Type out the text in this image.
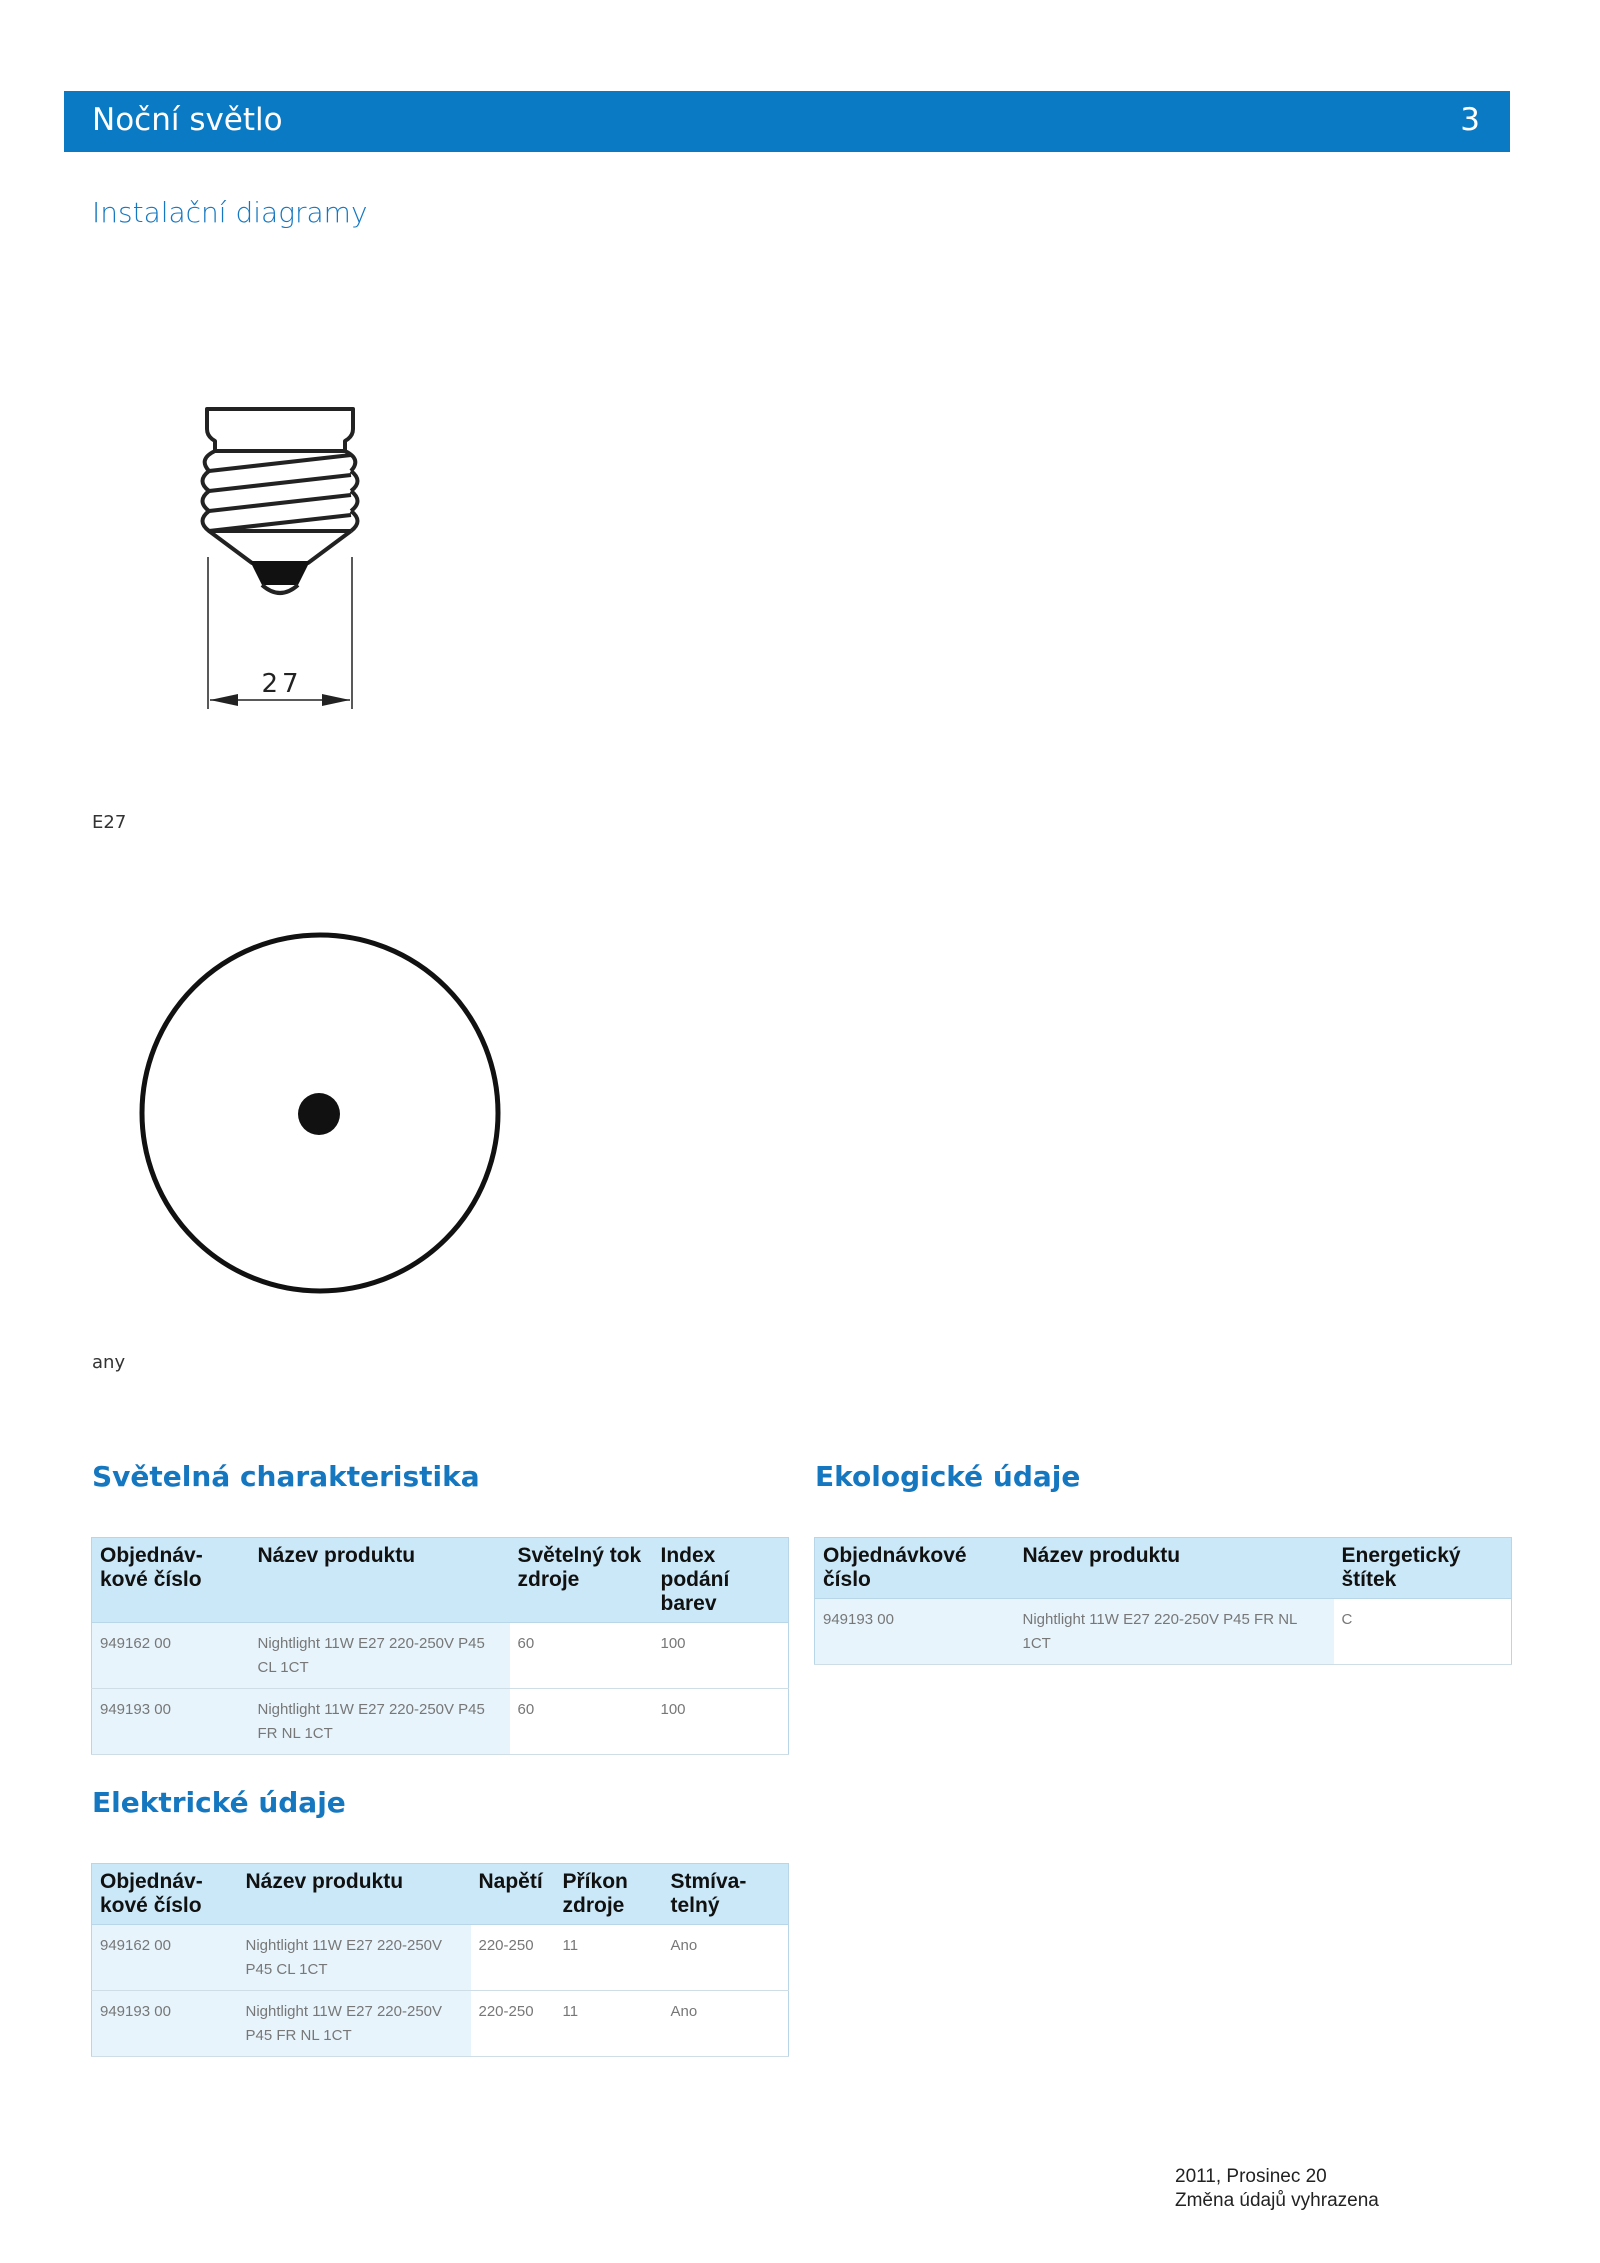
Noční světlo	3
Instalační diagramy
27
E27
any
Světelná charakteristika
Objednáv-
kové číslo	Název produktu	Světelný tok zdroje	Index podání barev
949162 00	Nightlight 11W E27 220-250V P45 CL 1CT	60	100
949193 00	Nightlight 11W E27 220-250V P45 FR NL 1CT	60	100
Ekologické údaje
Objednávkové číslo	Název produktu	Energetický štítek
949193 00	Nightlight 11W E27 220-250V P45 FR NL 1CT	C
Elektrické údaje
Objednáv-
kové číslo	Název produktu	Napětí	Příkon zdroje	Stmíva-
telný
949162 00	Nightlight 11W E27 220-250V P45 CL 1CT	220-250	11	Ano
949193 00	Nightlight 11W E27 220-250V P45 FR NL 1CT	220-250	11	Ano
2011, Prosinec 20
Změna údajů vyhrazena
